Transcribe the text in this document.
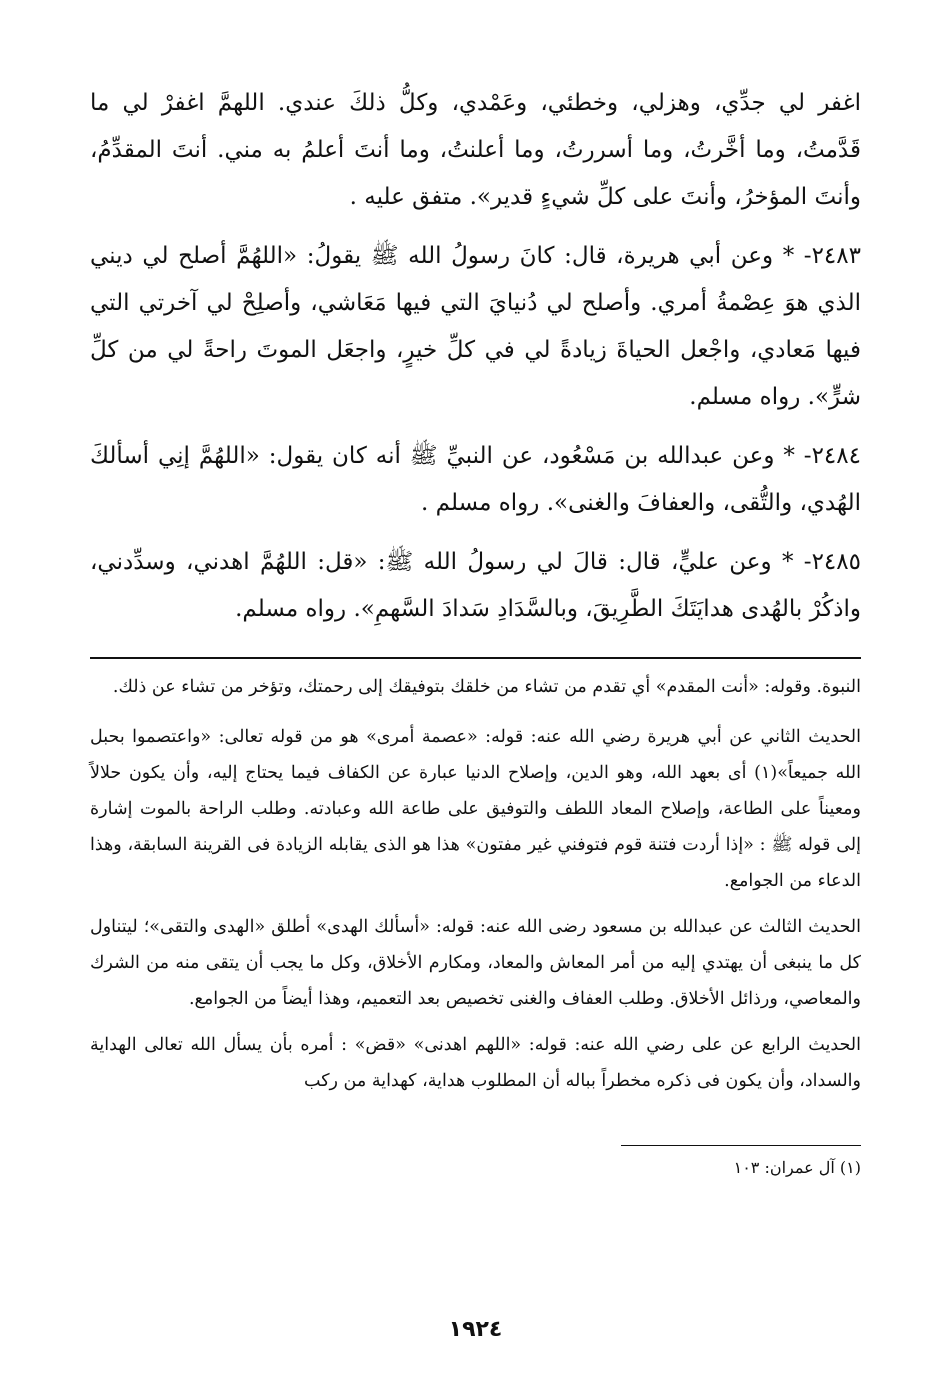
اغفر لي جدِّي، وهزلي، وخطئي، وعَمْدي، وكلُّ ذلكَ عندي. اللهمَّ اغفرْ لي ما قَدَّمتُ، وما أخَّرتُ، وما أسررتُ، وما أعلنتُ، وما أنتَ أعلمُ به مني. أنتَ المقدِّمُ، وأنتَ المؤخرُ، وأنتَ على كلِّ شيءٍ قدير». متفق عليه .

٢٤٨٣- * وعن أبي هريرة، قال: كانَ رسولُ الله ﷺ يقولُ: «اللهُمَّ أصلح لي ديني الذي هوَ عِصْمةُ أمري. وأصلح لي دُنيايَ التي فيها مَعَاشي، وأصلِحْ لي آخرتي التي فيها مَعادي، واجْعل الحياةَ زيادةً لي في كلِّ خيرٍ، واجعَل الموتَ راحةً لي من كلِّ شرٍّ». رواه مسلم.

٢٤٨٤- * وعن عبدالله بن مَسْعُود، عن النبيِّ ﷺ أنه كان يقول: «اللهُمَّ إنِي أسألكَ الهُدي، والتُّقى، والعفافَ والغنى». رواه مسلم .

٢٤٨٥- * وعن عليٍّ، قال: قالَ لي رسولُ الله ﷺ: «قل: اللهُمَّ اهدني، وسدِّدني، واذكُرْ بالهُدى هدايَتَكَ الطَّرِيقَ، وبالسَّدَادِ سَدادَ السَّهمِ». رواه مسلم.

النبوة. وقوله: «أنت المقدم» أي تقدم من تشاء من خلقك بتوفيقك إلى رحمتك، وتؤخر من تشاء عن ذلك.

الحديث الثاني عن أبي هريرة رضي الله عنه: قوله: «عصمة أمرى» هو من قوله تعالى: «واعتصموا بحبل الله جميعاً»(١) أى بعهد الله، وهو الدين، وإصلاح الدنيا عبارة عن الكفاف فيما يحتاج إليه، وأن يكون حلالاً ومعيناً على الطاعة، وإصلاح المعاد اللطف والتوفيق على طاعة الله وعبادته. وطلب الراحة بالموت إشارة إلى قوله ﷺ : «إذا أردت فتنة قوم فتوفني غير مفتون» هذا هو الذى يقابله الزيادة فى القرينة السابقة، وهذا الدعاء من الجوامع.

الحديث الثالث عن عبدالله بن مسعود رضى الله عنه: قوله: «أسألك الهدى» أطلق «الهدى والتقى»؛ ليتناول كل ما ينبغى أن يهتدي إليه من أمر المعاش والمعاد، ومكارم الأخلاق، وكل ما يجب أن يتقى منه من الشرك والمعاصي، ورذائل الأخلاق. وطلب العفاف والغنى تخصيص بعد التعميم، وهذا أيضاً من الجوامع.

الحديث الرابع عن على رضي الله عنه: قوله: «اللهم اهدنى» «قض» : أمره بأن يسأل الله تعالى الهداية والسداد، وأن يكون فى ذكره مخطراً بباله أن المطلوب هداية، كهداية من ركب

(١) آل عمران: ١٠٣

١٩٢٤
